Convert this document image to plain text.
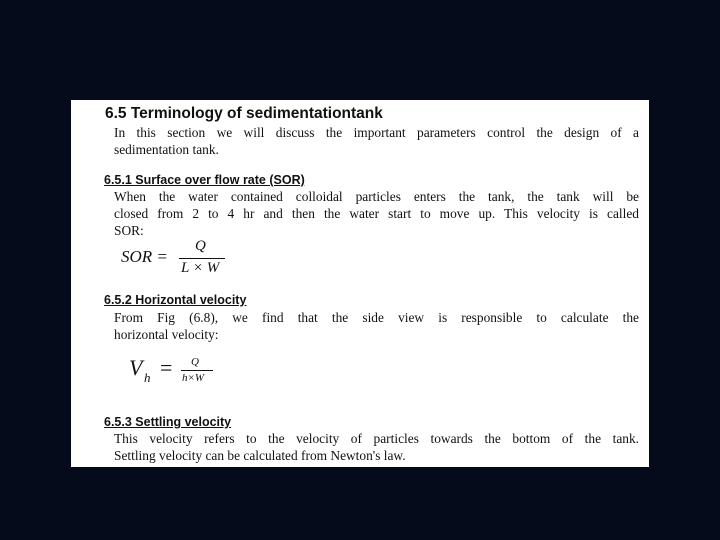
6.5 Terminology of sedimentationtank
In this section we will discuss the important parameters control the design of a
sedimentation tank.
6.5.1 Surface over flow rate (SOR)
When the water contained colloidal particles enters the tank, the tank will be
closed from 2 to 4 hr and then the water start to move up. This velocity is called
SOR:
SOR =
Q
L × W
6.5.2 Horizontal velocity
From Fig (6.8), we find that the side view is responsible to calculate the
horizontal velocity:
V h = Q
h×W
6.5.3 Settling velocity
This velocity refers to the velocity of particles towards the bottom of the tank.
Settling velocity can be calculated from Newton's law.
